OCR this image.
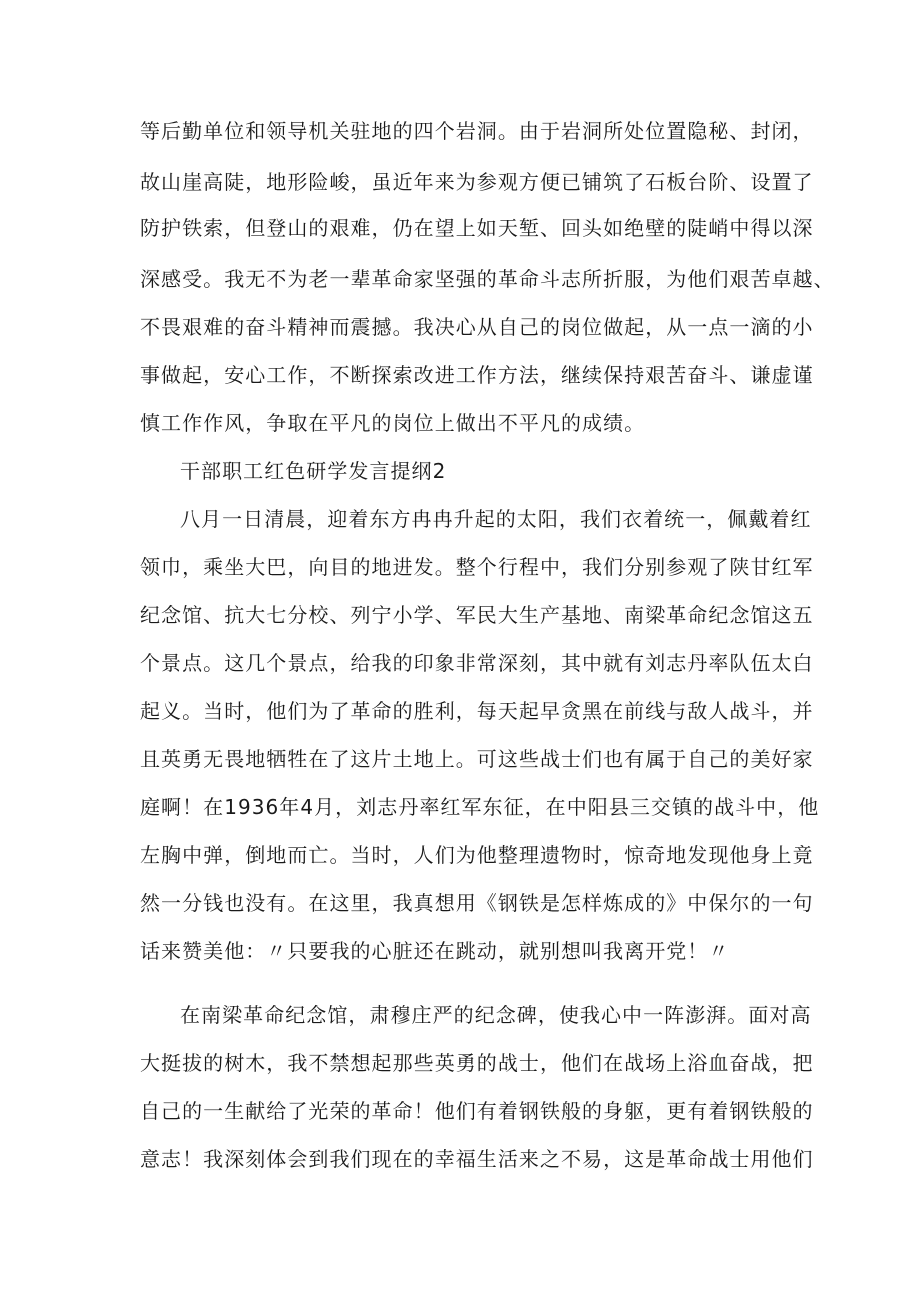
等后勤单位和领导机关驻地的四个岩洞。由于岩洞所处位置隐秘、封闭，
故山崖高陡，地形险峻，虽近年来为参观方便已铺筑了石板台阶、设置了
防护铁索，但登山的艰难，仍在望上如天堑、回头如绝壁的陡峭中得以深
深感受。我无不为老一辈革命家坚强的革命斗志所折服，为他们艰苦卓越、
不畏艰难的奋斗精神而震撼。我决心从自己的岗位做起，从一点一滴的小
事做起，安心工作，不断探索改进工作方法，继续保持艰苦奋斗、谦虚谨
慎工作作风，争取在平凡的岗位上做出不平凡的成绩。
干部职工红色研学发言提纲2
八月一日清晨，迎着东方冉冉升起的太阳，我们衣着统一，佩戴着红
领巾，乘坐大巴，向目的地进发。整个行程中，我们分别参观了陕甘红军
纪念馆、抗大七分校、列宁小学、军民大生产基地、南梁革命纪念馆这五
个景点。这几个景点，给我的印象非常深刻，其中就有刘志丹率队伍太白
起义。当时，他们为了革命的胜利，每天起早贪黑在前线与敌人战斗，并
且英勇无畏地牺牲在了这片土地上。可这些战士们也有属于自己的美好家
庭啊！在1936年4月，刘志丹率红军东征，在中阳县三交镇的战斗中，他
左胸中弹，倒地而亡。当时，人们为他整理遗物时，惊奇地发现他身上竟
然一分钱也没有。在这里，我真想用《钢铁是怎样炼成的》中保尔的一句
话来赞美他：〃只要我的心脏还在跳动，就别想叫我离开党！〃
在南梁革命纪念馆，肃穆庄严的纪念碑，使我心中一阵澎湃。面对高
大挺拔的树木，我不禁想起那些英勇的战士，他们在战场上浴血奋战，把
自己的一生献给了光荣的革命！他们有着钢铁般的身躯，更有着钢铁般的
意志！我深刻体会到我们现在的幸福生活来之不易，这是革命战士用他们
